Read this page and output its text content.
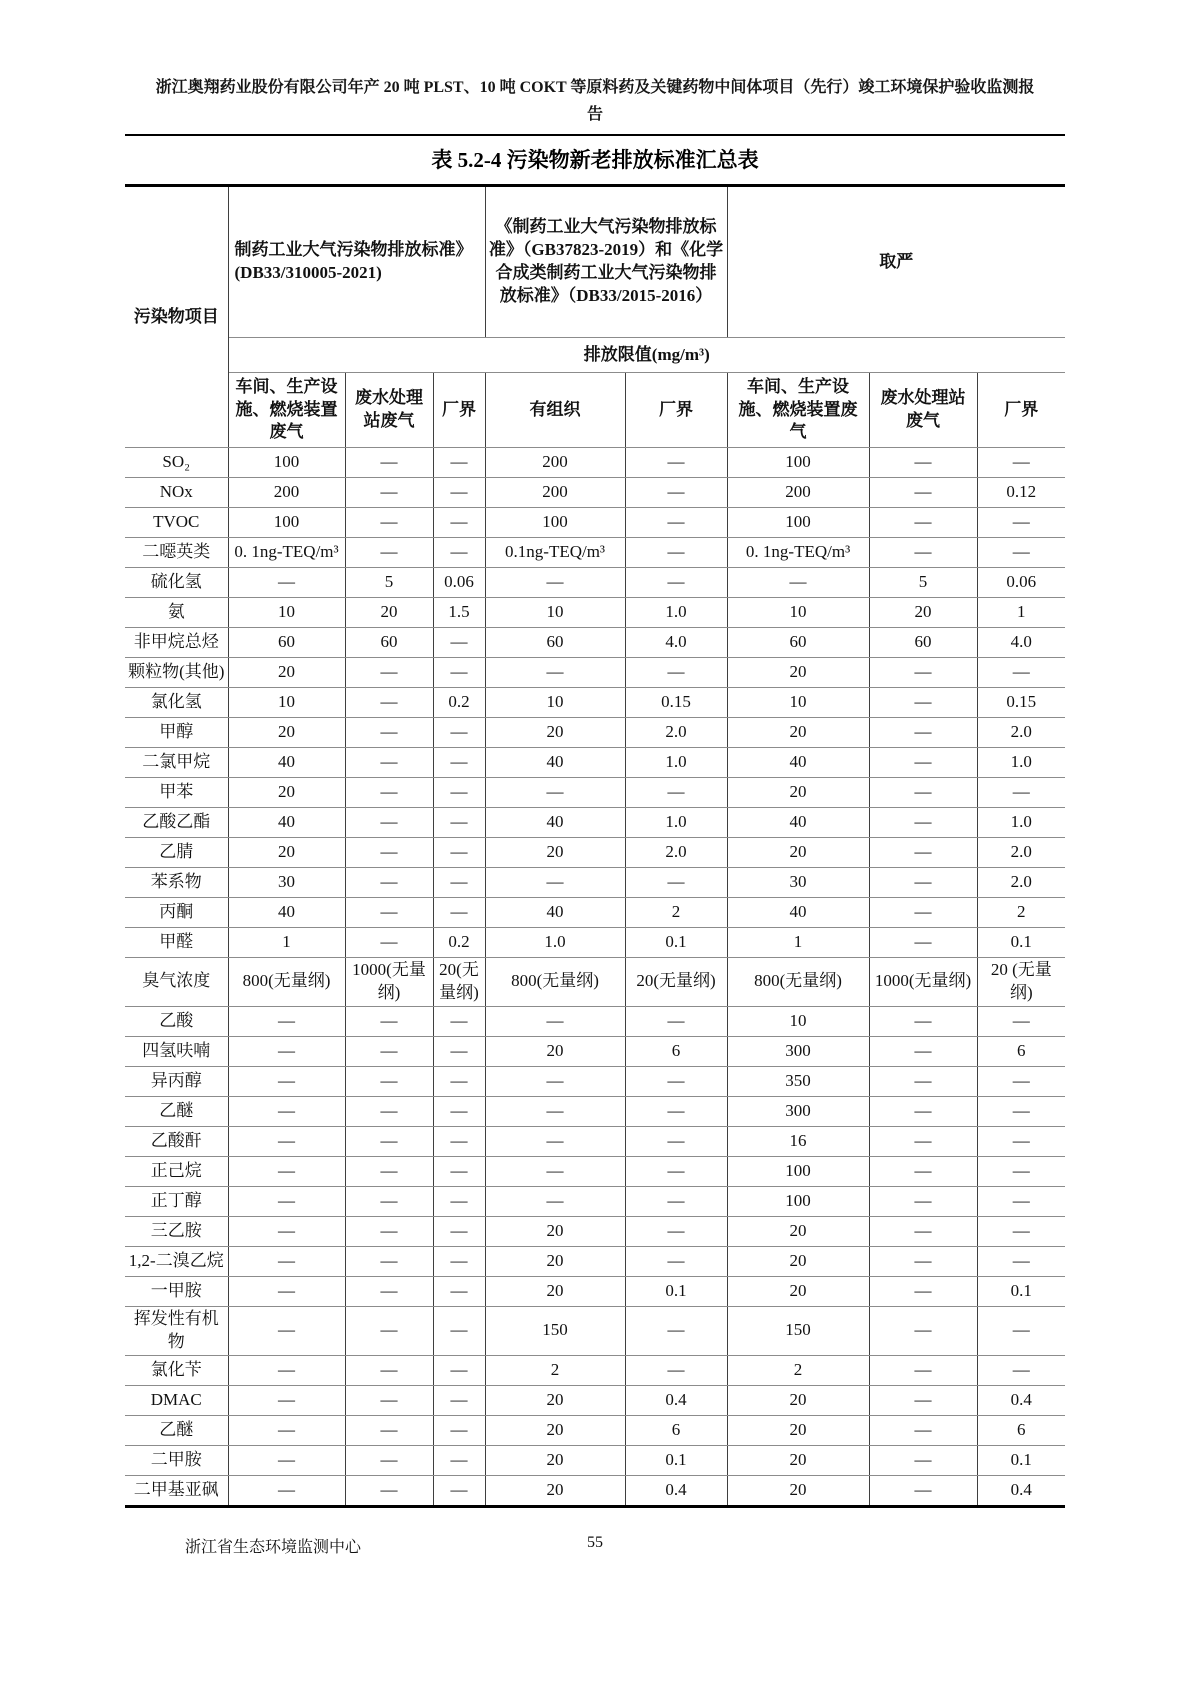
浙江奥翔药业股份有限公司年产 20 吨 PLST、10 吨 COKT 等原料药及关键药物中间体项目（先行）竣工环境保护验收监测报告
表 5.2-4 污染物新老排放标准汇总表
污染物项目	制药工业大气污染物排放标准》 (DB33/310005-2021)			《制药工业大气污染物排放标准》（GB37823-2019）和《化学合成类制药工业大气污染物排放标准》（DB33/2015-2016）		取严		
	排放限值(mg/m³)							
	车间、生产设施、燃烧装置废气	废水处理站废气	厂界	有组织	厂界	车间、生产设施、燃烧装置废气	废水处理站废气	厂界
SO₂	100	—	—	200	—	100	—	—
NOx	200	—	—	200	—	200	—	0.12
TVOC	100	—	—	100	—	100	—	—
二噁英类	0. 1ng-TEQ/m³	—	—	0.1ng-TEQ/m³	—	0. 1ng-TEQ/m³	—	—
硫化氢	—	5	0.06	—	—	—	5	0.06
氨	10	20	1.5	10	1.0	10	20	1
非甲烷总烃	60	60	—	60	4.0	60	60	4.0
颗粒物(其他)	20	—	—	—	—	20	—	—
氯化氢	10	—	0.2	10	0.15	10	—	0.15
甲醇	20	—	—	20	2.0	20	—	2.0
二氯甲烷	40	—	—	40	1.0	40	—	1.0
甲苯	20	—	—	—	—	20	—	—
乙酸乙酯	40	—	—	40	1.0	40	—	1.0
乙腈	20	—	—	20	2.0	20	—	2.0
苯系物	30	—	—	—	—	30	—	2.0
丙酮	40	—	—	40	2	40	—	2
甲醛	1	—	0.2	1.0	0.1	1	—	0.1
臭气浓度	800(无量纲)	1000(无量纲)	20(无量纲)	800(无量纲)	20(无量纲)	800(无量纲)	1000(无量纲)	20 (无量纲)
乙酸	—	—	—	—	—	10	—	—
四氢呋喃	—	—	—	20	6	300	—	6
异丙醇	—	—	—	—	—	350	—	—
乙醚	—	—	—	—	—	300	—	—
乙酸酐	—	—	—	—	—	16	—	—
正己烷	—	—	—	—	—	100	—	—
正丁醇	—	—	—	—	—	100	—	—
三乙胺	—	—	—	20	—	20	—	—
1,2-二溴乙烷	—	—	—	20	—	20	—	—
一甲胺	—	—	—	20	0.1	20	—	0.1
挥发性有机物	—	—	—	150	—	150	—	—
氯化苄	—	—	—	2	—	2	—	—
DMAC	—	—	—	20	0.4	20	—	0.4
乙醚	—	—	—	20	6	20	—	6
二甲胺	—	—	—	20	0.1	20	—	0.1
二甲基亚砜	—	—	—	20	0.4	20	—	0.4
浙江省生态环境监测中心	55
